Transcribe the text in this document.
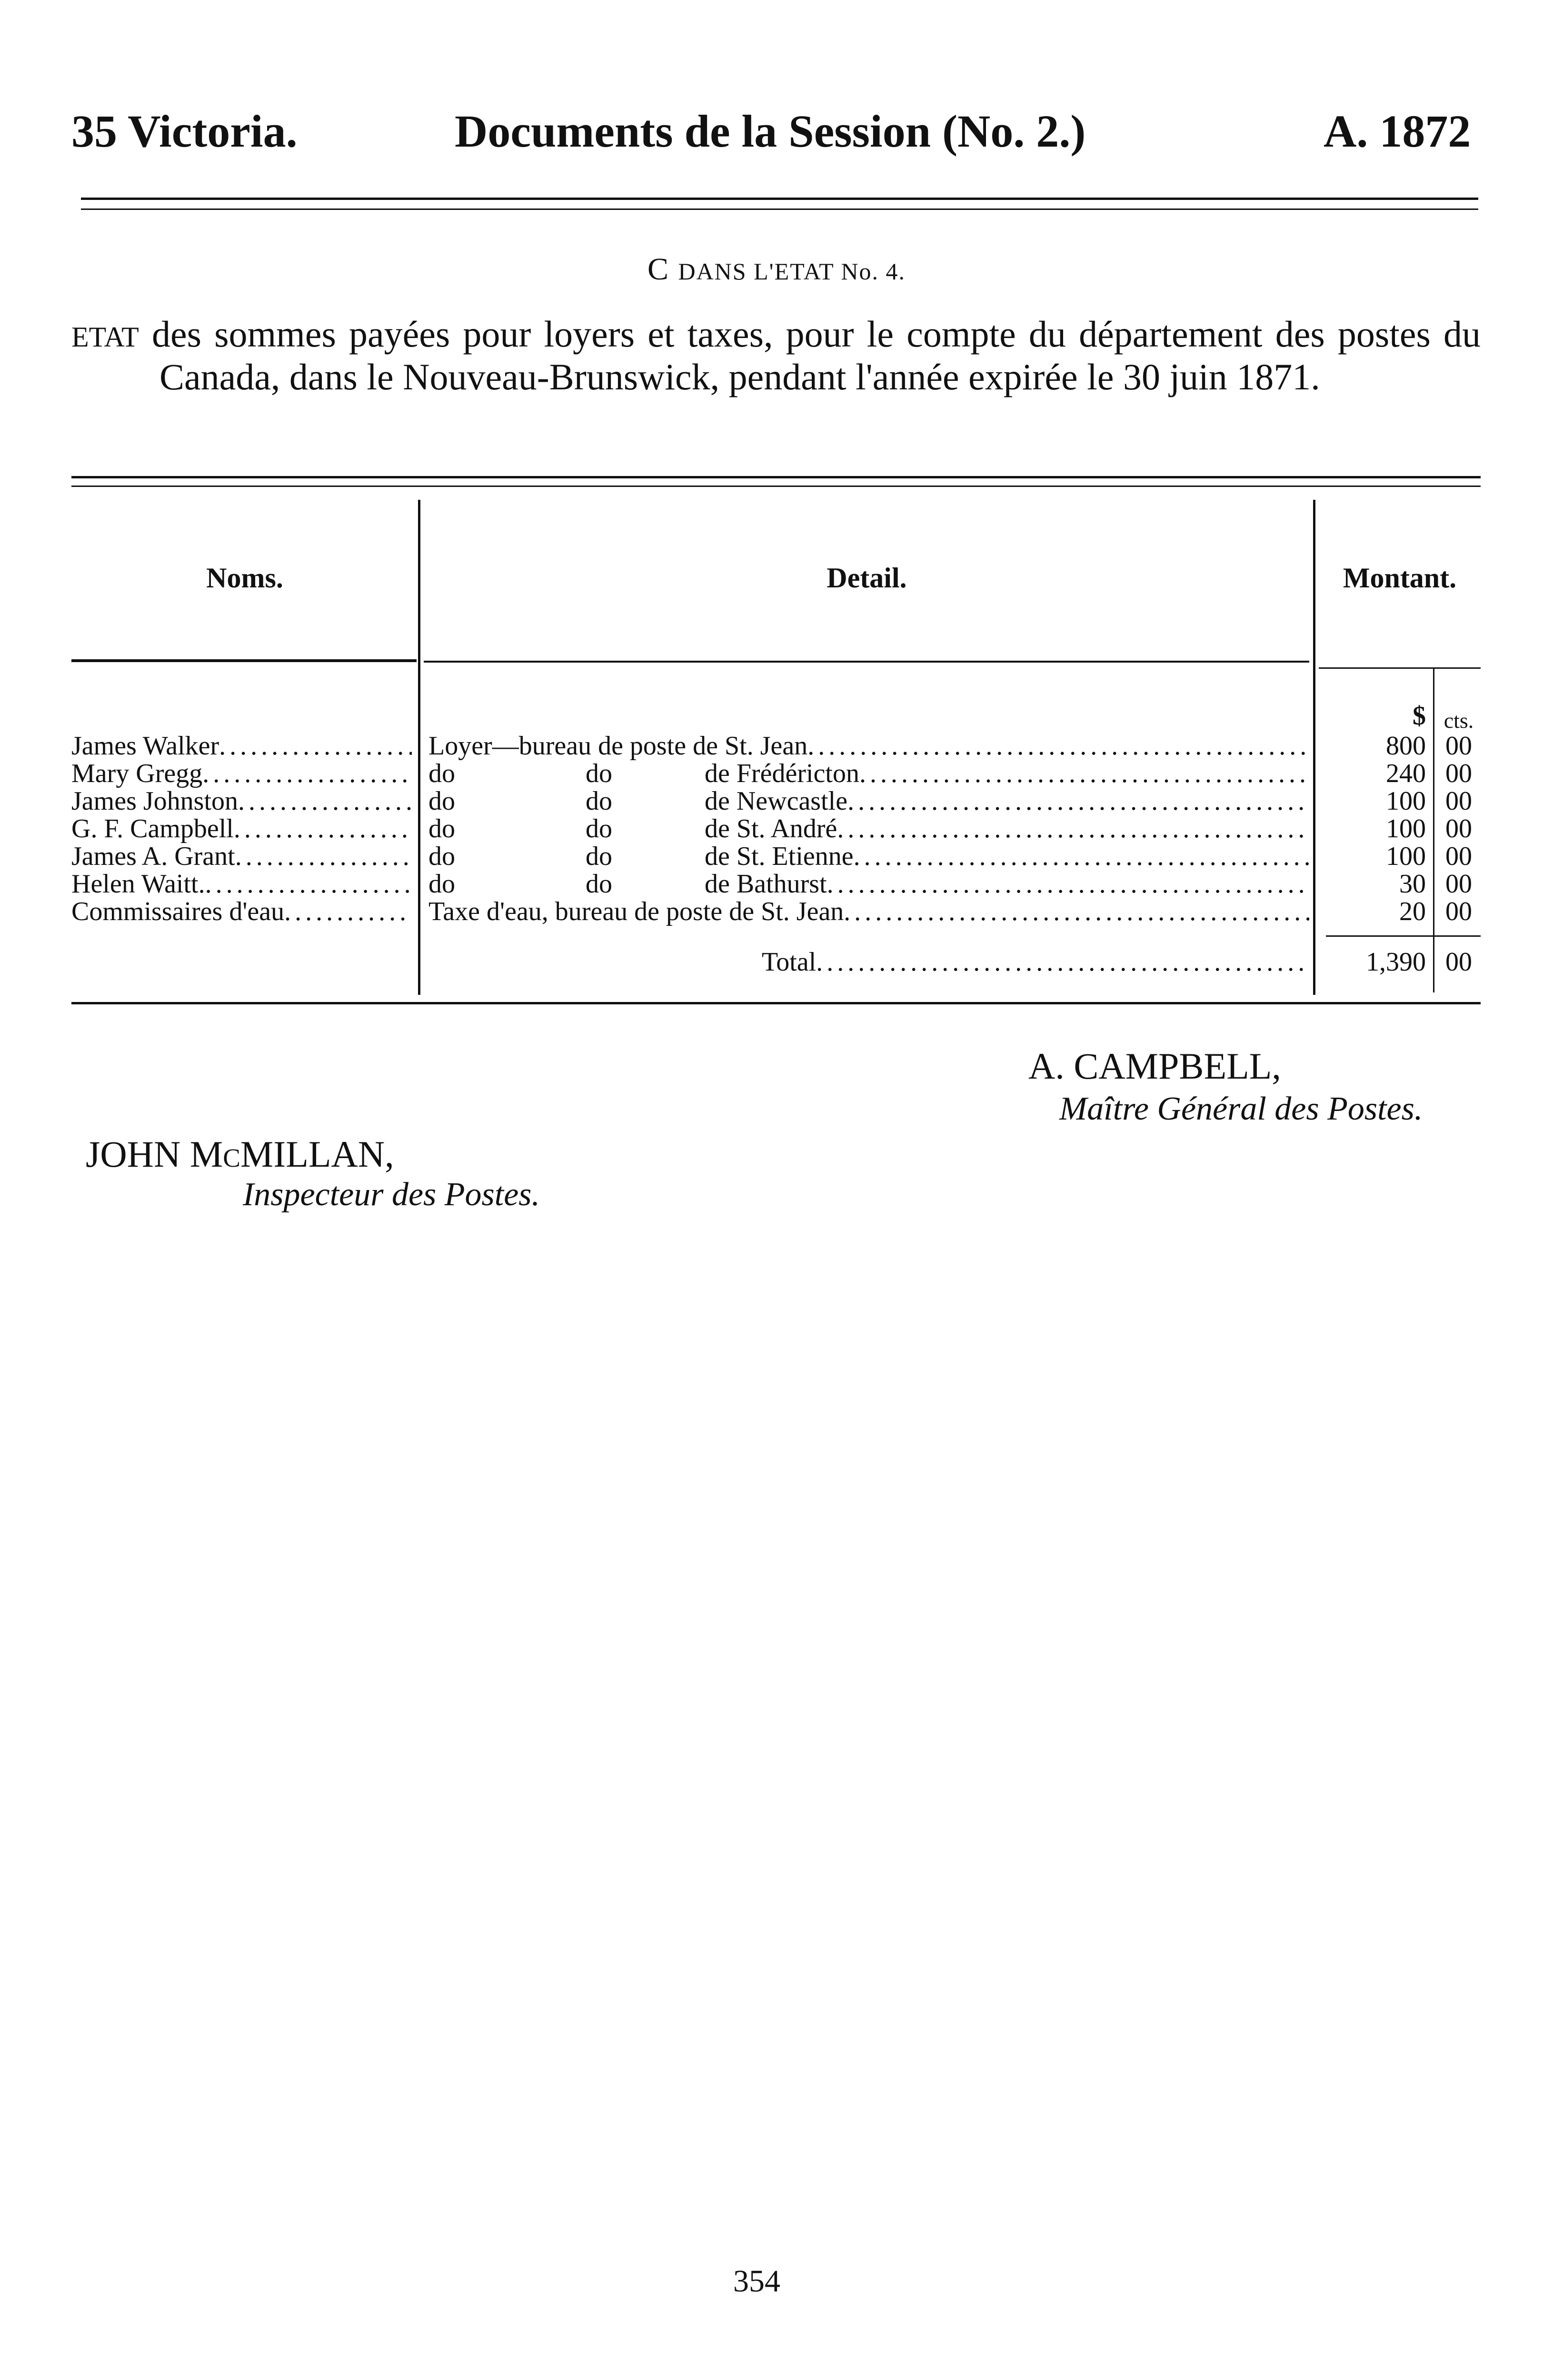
35 Victoria.	Documents de la Session (No. 2.)	A. 1872
C DANS L'ETAT No. 4.

ETAT des sommes payées pour loyers et taxes, pour le compte du département des postes du Canada, dans le Nouveau-Brunswick, pendant l'année expirée le 30 juin 1871.

Noms.	Detail.	Montant.
$ cts.
James Walker .....	Loyer—bureau de poste de St. Jean .....	800 00
Mary Gregg .....	do	do	de Frédéricton .....	240 00
James Johnston .....	do	do	de Newcastle .....	100 00
G. F. Campbell .....	do	do	de St. André .....	100 00
James A. Grant .....	do	do	de St. Etienne .....	100 00
Helen Waitt. .....	do	do	de Bathurst .....	30 00
Commissaires d'eau .....	Taxe d'eau, bureau de poste de St. Jean .....	20 00
Total .....	1,390 00
A. CAMPBELL,
Maître Général des Postes.
JOHN McMILLAN,
Inspecteur des Postes.
354
